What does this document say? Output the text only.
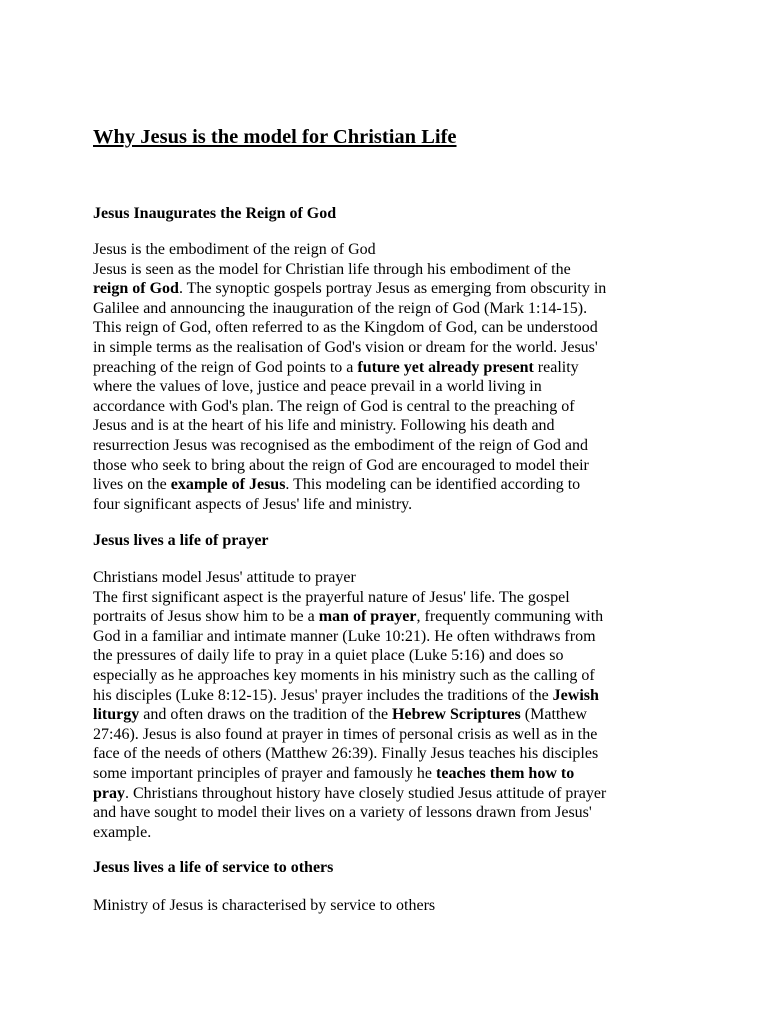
Why Jesus is the model for Christian Life
Jesus Inaugurates the Reign of God
Jesus is the embodiment of the reign of God
Jesus is seen as the model for Christian life through his embodiment of the
reign of God. The synoptic gospels portray Jesus as emerging from obscurity in
Galilee and announcing the inauguration of the reign of God (Mark 1:14-15).
This reign of God, often referred to as the Kingdom of God, can be understood
in simple terms as the realisation of God's vision or dream for the world. Jesus'
preaching of the reign of God points to a future yet already present reality
where the values of love, justice and peace prevail in a world living in
accordance with God's plan. The reign of God is central to the preaching of
Jesus and is at the heart of his life and ministry. Following his death and
resurrection Jesus was recognised as the embodiment of the reign of God and
those who seek to bring about the reign of God are encouraged to model their
lives on the example of Jesus. This modeling can be identified according to
four significant aspects of Jesus' life and ministry.
Jesus lives a life of prayer
Christians model Jesus' attitude to prayer
The first significant aspect is the prayerful nature of Jesus' life. The gospel
portraits of Jesus show him to be a man of prayer, frequently communing with
God in a familiar and intimate manner (Luke 10:21). He often withdraws from
the pressures of daily life to pray in a quiet place (Luke 5:16) and does so
especially as he approaches key moments in his ministry such as the calling of
his disciples (Luke 8:12-15). Jesus' prayer includes the traditions of the Jewish
liturgy and often draws on the tradition of the Hebrew Scriptures (Matthew
27:46). Jesus is also found at prayer in times of personal crisis as well as in the
face of the needs of others (Matthew 26:39). Finally Jesus teaches his disciples
some important principles of prayer and famously he teaches them how to
pray. Christians throughout history have closely studied Jesus attitude of prayer
and have sought to model their lives on a variety of lessons drawn from Jesus'
example.
Jesus lives a life of service to others
Ministry of Jesus is characterised by service to others
